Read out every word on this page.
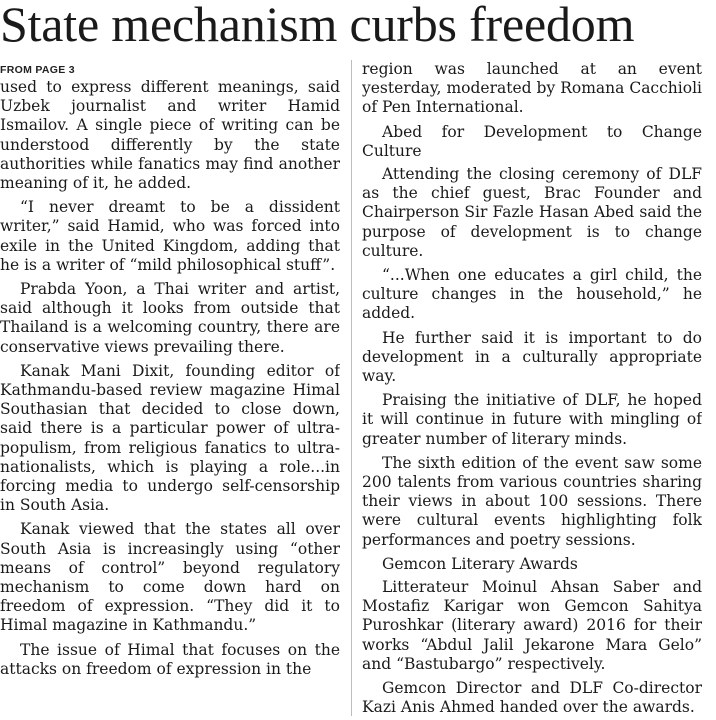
State mechanism curbs freedom
FROM PAGE 3

used to express different meanings, said Uzbek journalist and writer Hamid Ismailov. A single piece of writing can be understood differently by the state authorities while fanatics may find another meaning of it, he added.

“I never dreamt to be a dissident writer,” said Hamid, who was forced into exile in the United Kingdom, adding that he is a writer of “mild philosophical stuff”.

Prabda Yoon, a Thai writer and artist, said although it looks from outside that Thailand is a welcoming country, there are conservative views prevailing there.

Kanak Mani Dixit, founding editor of Kathmandu-based review magazine Himal Southasian that decided to close down, said there is a particular power of ultra-populism, from religious fanatics to ultra-nationalists, which is playing a role...in forcing media to undergo self-censorship in South Asia.

Kanak viewed that the states all over South Asia is increasingly using “other means of control” beyond regulatory mechanism to come down hard on freedom of expression. “They did it to Himal magazine in Kathmandu.”

The issue of Himal that focuses on the attacks on freedom of expression in the

region was launched at an event yesterday, moderated by Romana Cacchioli of Pen International.

Abed for Development to Change Culture

Attending the closing ceremony of DLF as the chief guest, Brac Founder and Chairperson Sir Fazle Hasan Abed said the purpose of development is to change culture.

“...When one educates a girl child, the culture changes in the household,” he added.

He further said it is important to do development in a culturally appropriate way.

Praising the initiative of DLF, he hoped it will continue in future with mingling of greater number of literary minds.

The sixth edition of the event saw some 200 talents from various countries sharing their views in about 100 sessions. There were cultural events highlighting folk performances and poetry sessions.

Gemcon Literary Awards

Litterateur Moinul Ahsan Saber and Mostafiz Karigar won Gemcon Sahitya Puroshkar (literary award) 2016 for their works “Abdul Jalil Jekarone Mara Gelo” and “Bastubargo” respectively.

Gemcon Director and DLF Co-director Kazi Anis Ahmed handed over the awards.
